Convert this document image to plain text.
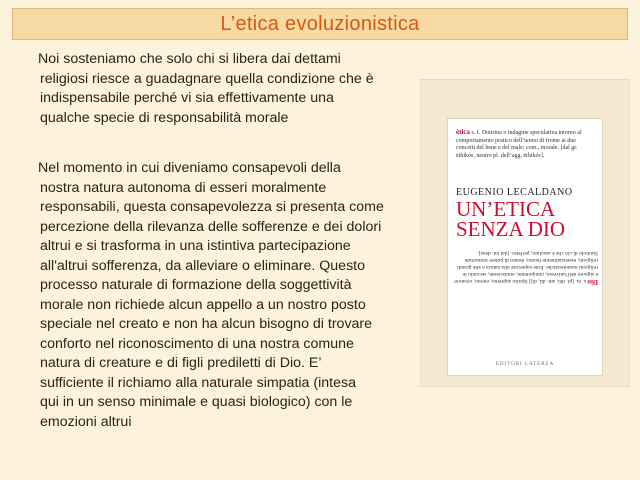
L’etica evoluzionistica

Noi sosteniamo che solo chi si libera dai dettami
religiosi riesce a guadagnare quella condizione che è
indispensabile perché vi sia effettivamente una
qualche specie di responsabilità morale

Nel momento in cui diveniamo consapevoli della
nostra natura autonoma di esseri moralmente
responsabili, questa consapevolezza si presenta come
percezione della rilevanza delle sofferenze e dei dolori
altrui e si trasforma in una istintiva partecipazione
all'altrui sofferenza, da alleviare o eliminare. Questo
processo naturale di formazione della soggettività
morale non richiede alcun appello a un nostro posto
speciale nel creato e non ha alcun bisogno di trovare
conforto nel riconoscimento di una nostra comune
natura di creature e di figli prediletti di Dio. E’
sufficiente il richiamo alla naturale simpatia (intesa
qui in un senso minimale e quasi biologico) con le
emozioni altrui

ètica s. f. Dottrina o indagine speculativa intorno al comportamento pratico dell’uomo di fronte ai due concetti del bene e del male; com., morale. [dal gr. ēthikós, neutro pl. dell’agg. ēthikós].
EUGENIO LECALDANO
UN’ETICA
SENZA DIO
Dìo s. m. [pl. dèi; ant. dii, dij] Spirito supremo, eterno, creatore e signore dell’universo, onnipotente, onnisciente, secondo le religioni monoteistiche. Ente superiore alla natura e alle grandi religioni, essenzialmente buono, dotato di potere immortale. Simbolo di ciò che è assoluto, perfetto. [dal lat. deus].
EDITORI LATERZA
